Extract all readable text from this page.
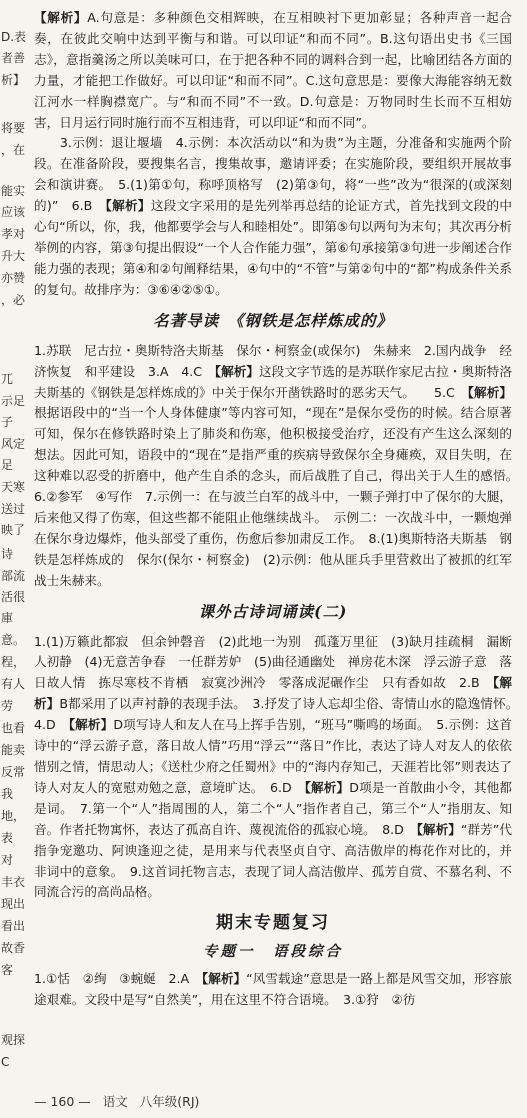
D.表
者善
析】
将要
，在
能实
应该
孝对
升大
亦赞
，必
兀
示足
子
风定
足
天寒
送过
映了
诗
部流
活很
庫
意。
程，
有人
劳
也看
能卖
反常
我
地，
表
对
丰衣
现出
看出
故香
客
观探
C

【解析】A.句意是：多种颜色交相辉映，在互相映衬下更加彰显；各种声音一起合奏，在彼此交响中达到平衡与和谐。可以印证“和而不同”。B.这句语出史书《三国志》，意指羹汤之所以美味可口，在于把各种不同的调料合到一起，比喻团结各方面的力量，才能把工作做好。可以印证“和而不同”。C.这句意思是：要像大海能容纳无数江河水一样胸襟宽广。与“和而不同”不一致。D.句意是：万物同时生长而不互相妨害，日月运行同时施行而不互相违背，可以印证“和而不同”。

　　3.示例：退让堰墙　4.示例：本次活动以“和为贵”为主题，分准备和实施两个阶段。在准备阶段，要搜集名言，搜集故事，邀请评委；在实施阶段，要组织开展故事会和演讲赛。　5.(1)第①句，称呼顶格写　(2)第③句，将“一些”改为“很深的(或深刻的)”　6.B　【解析】这段文字采用的是先列举再总结的论证方式，首先找到文段的中心句“所以，你，我，他都要学会与人和睦相处”。即第⑤句以两句为末句；其次再分析举例的内容，第③句提出假设“一个人合作能力强”，第⑥句承接第③句进一步阐述合作能力强的表现；第④和②句阐释结果，④句中的“不管”与第②句中的“都”构成条件关系的复句。故排序为：③⑥④②⑤①。

名著导读　《钢铁是怎样炼成的》

1.苏联　尼古拉・奥斯特洛夫斯基　保尔・柯察金(或保尔)　朱赫来　2.国内战争　经济恢复　和平建设　3.A　4.C　【解析】这段文字节选的是苏联作家尼古拉・奥斯特洛夫斯基的《钢铁是怎样炼成的》中关于保尔开凿铁路时的恶劣天气。　　5.C　【解析】根据语段中的“当一个人身体健康”等内容可知，“现在”是保尔受伤的时候。结合原著可知，保尔在修铁路时染上了肺炎和伤寒，他积极接受治疗，还没有产生这么深刻的想法。因此可知，语段中的“现在”是指严重的疾病导致保尔全身瘫痪，双目失明，在这种难以忍受的折磨中，他产生自杀的念头，而后战胜了自己，得出关于人生的感悟。　6.②参军　④写作　7.示例一：在与波兰白军的战斗中，一颗子弹打中了保尔的大腿，后来他又得了伤寒，但这些都不能阻止他继续战斗。　示例二：一次战斗中，一颗炮弹在保尔身边爆炸，他头部受了重伤，伤愈后参加肃反工作。　8.(1)奥斯特洛夫斯基　钢铁是怎样炼成的　保尔(保尔・柯察金)　(2)示例：他从匪兵手里营救出了被抓的红军战士朱赫来。

课外古诗词诵读(二)

1.(1)万籁此都寂　但余钟磬音　(2)此地一为别　孤蓬万里征　(3)缺月挂疏桐　漏断人初静　(4)无意苦争春　一任群芳妒　(5)曲径通幽处　禅房花木深　浮云游子意　落日故人情　拣尽寒枝不肯栖　寂寞沙洲冷　零落成泥碾作尘　只有香如故　2.B　【解析】B都采用了以声衬静的表现手法。　3.抒发了诗人忘却尘俗、寄情山水的隐逸情怀。　4.D　【解析】D项写诗人和友人在马上挥手告别，“班马”嘶鸣的场面。　5.示例：这首诗中的“浮云游子意，落日故人情”巧用“浮云”“落日”作比，表达了诗人对友人的依依惜别之情，情思动人；《送杜少府之任蜀州》中的“海内存知己，天涯若比邻”则表达了诗人对友人的宽慰劝勉之意，意境旷达。　6.D　【解析】D项是一首散曲小令，其他都是词。　7.第一个“人”指周围的人，第二个“人”指作者自己，第三个“人”指朋友、知音。作者托物寓怀，表达了孤高自许、蔑视流俗的孤寂心境。　8.D　【解析】“群芳”代指争宠邀功、阿谀逢迎之徒，是用来与代表坚贞自守、高洁傲岸的梅花作对比的，并非词中的意象。　9.这首词托物言志，表现了词人高洁傲岸、孤芳自赏、不慕名利、不同流合污的高尚品格。

期末专题复习
专题一　语段综合

1.①恬　②绚　③蜿蜒　2.A　【解析】“风雪载途”意思是一路上都是风雪交加，形容旅途艰难。文段中是写“自然美”，用在这里不符合语境。　3.①狩　②彷

— 160 — 语文 八年级(RJ)
